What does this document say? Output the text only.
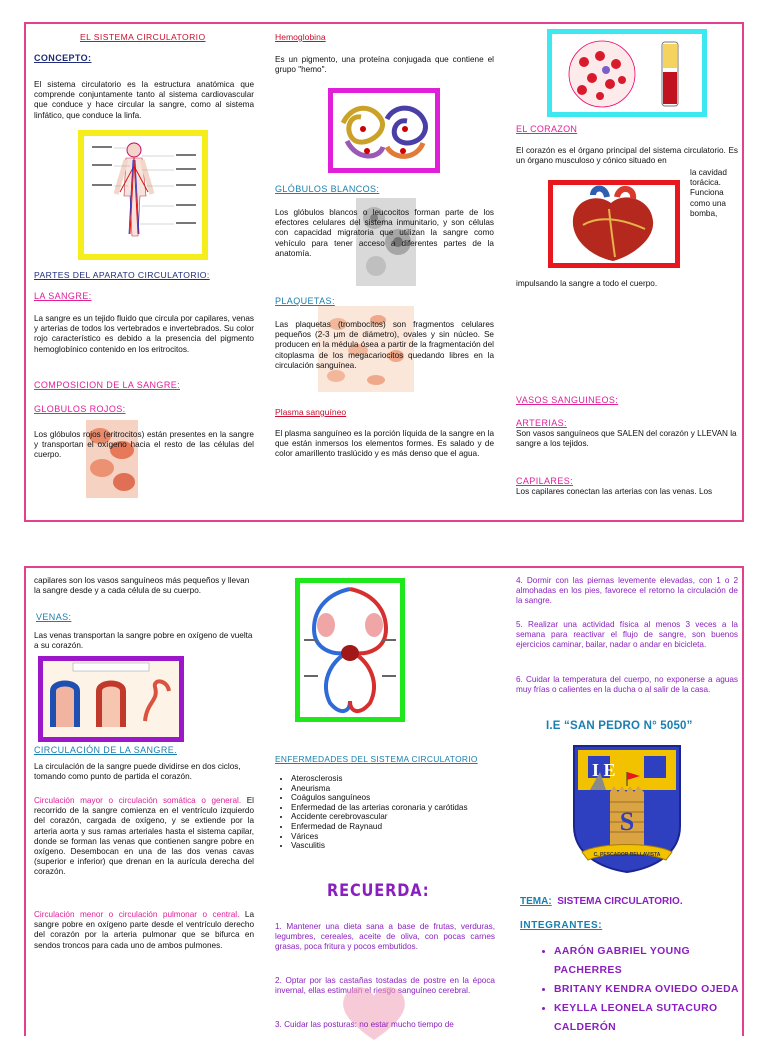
EL SISTEMA CIRCULATORIO

CONCEPTO:

El sistema circulatorio es la estructura anatómica que comprende conjuntamente tanto al sistema cardiovascular que conduce y hace circular la sangre, como al sistema linfático, que conduce la linfa.

PARTES DEL APARATO CIRCULATORIO:

LA SANGRE:

La sangre es un tejido fluido que circula por capilares, venas y arterias de todos los vertebrados e invertebrados. Su color rojo característico es debido a la presencia del pigmento hemoglobínico contenido en los eritrocitos.

COMPOSICION DE LA SANGRE:

GLOBULOS ROJOS:

Los glóbulos rojos (eritrocitos) están presentes en la sangre y transportan el oxígeno hacia el resto de las células del cuerpo.

Hemoglobina

Es un pigmento, una proteína conjugada que contiene el grupo "hemo".

GLÓBULOS BLANCOS:

Los glóbulos blancos o leucocitos forman parte de los efectores celulares del sistema inmunitario, y son células con capacidad migratoria que utilizan la sangre como vehículo para tener acceso a diferentes partes de la anatomía.

PLAQUETAS:

Las plaquetas (trombocitos) son fragmentos celulares pequeños (2-3 μm de diámetro), ovales y sin núcleo. Se producen en la médula ósea a partir de la fragmentación del citoplasma de los megacariocitos quedando libres en la circulación sanguínea.

Plasma sanguíneo

El plasma sanguíneo es la porción líquida de la sangre en la que están inmersos los elementos formes. Es salado y de color amarillento traslúcido y es más denso que el agua.

EL CORAZON

El corazón es el órgano principal del sistema circulatorio. Es un órgano musculoso y cónico situado en

la cavidad torácica. Funciona como una bomba,

impulsando la sangre a todo el cuerpo.

VASOS SANGUINEOS:

ARTERIAS:

Son vasos sanguíneos que SALEN del corazón y LLEVAN la sangre a los tejidos.

CAPILARES:

Los capilares conectan las arterias con las venas. Los

capilares son los vasos sanguíneos más pequeños y llevan la sangre desde y a cada célula de su cuerpo.

VENAS:

Las venas transportan la sangre pobre en oxígeno de vuelta a su corazón.

CIRCULACIÓN DE LA SANGRE.

La circulación de la sangre puede dividirse en dos ciclos, tomando como punto de partida el corazón.

Circulación mayor o circulación somática o general. El recorrido de la sangre comienza en el ventrículo izquierdo del corazón, cargada de oxígeno, y se extiende por la arteria aorta y sus ramas arteriales hasta el sistema capilar, donde se forman las venas que contienen sangre pobre en oxígeno. Desembocan en una de las dos venas cavas (superior e inferior) que drenan en la aurícula derecha del corazón.

Circulación menor o circulación pulmonar o central. La sangre pobre en oxígeno parte desde el ventrículo derecho del corazón por la arteria pulmonar que se bifurca en sendos troncos para cada uno de ambos pulmones.

ENFERMEDADES DEL SISTEMA CIRCULATORIO

• Aterosclerosis
• Aneurisma
• Coágulos sanguíneos
• Enfermedad de las arterias coronaria y carótidas
• Accidente cerebrovascular
• Enfermedad de Raynaud
• Várices
• Vasculitis

RECUERDA:

1. Mantener una dieta sana a base de frutas, verduras, legumbres, cereales, aceite de oliva, con pocas carnes grasas, poca fritura y pocos embutidos.

2. Optar por las castañas tostadas de postre en la época invernal, ellas estimulan el riesgo sanguíneo cerebral.

3. Cuidar las posturas: no estar mucho tiempo de

4. Dormir con las piernas levemente elevadas, con 1 o 2 almohadas en los pies, favorece el retorno la circulación de la sangre.

5. Realizar una actividad física al menos 3 veces a la semana para reactivar el flujo de sangre, son buenos ejercicios caminar, bailar, nadar o andar en bicicleta.

6. Cuidar la temperatura del cuerpo, no exponerse a aguas muy frías o calientes en la ducha o al salir de la casa.

I.E “SAN PEDRO N° 5050”

S
I E
C. PESCADOR BELLAVISTA

TEMA: SISTEMA CIRCULATORIO.

INTEGRANTES:

• AARÓN GABRIEL YOUNG PACHERRES
• BRITANY KENDRA OVIEDO OJEDA
• KEYLLA LEONELA SUTACURO CALDERÓN
